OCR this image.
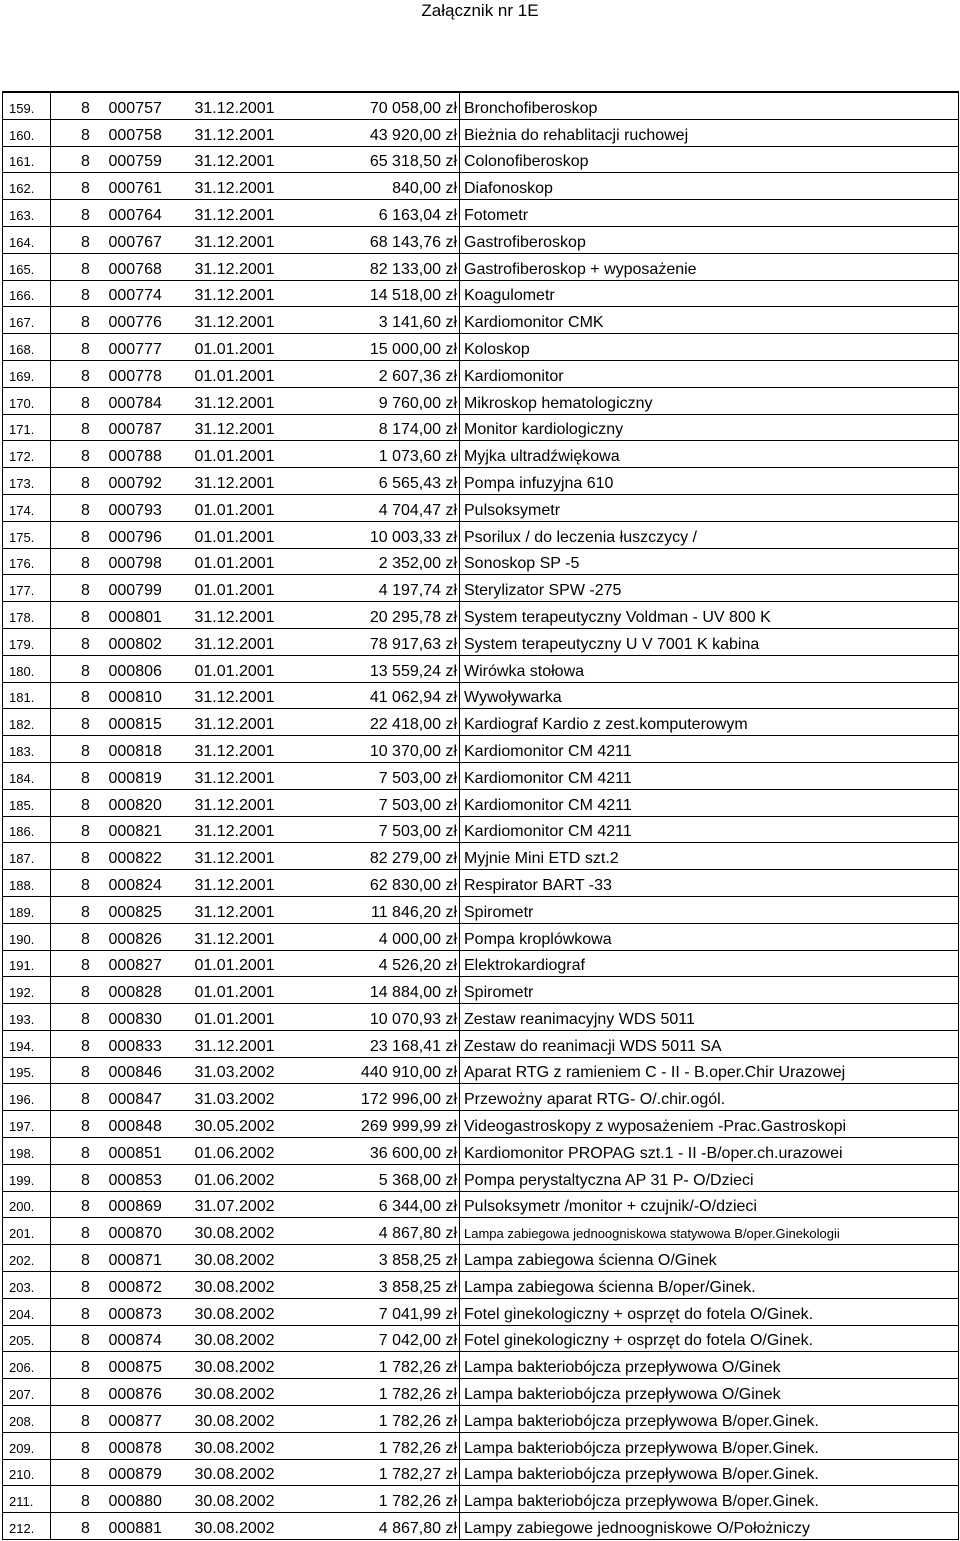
Załącznik nr 1E
159.	8	000757	31.12.2001	70 058,00 zł	Bronchofiberoskop
160.	8	000758	31.12.2001	43 920,00 zł	Bieżnia do rehablitacji ruchowej
161.	8	000759	31.12.2001	65 318,50 zł	Colonofiberoskop
162.	8	000761	31.12.2001	840,00 zł	Diafonoskop
163.	8	000764	31.12.2001	6 163,04 zł	Fotometr
164.	8	000767	31.12.2001	68 143,76 zł	Gastrofiberoskop
165.	8	000768	31.12.2001	82 133,00 zł	Gastrofiberoskop + wyposażenie
166.	8	000774	31.12.2001	14 518,00 zł	Koagulometr
167.	8	000776	31.12.2001	3 141,60 zł	Kardiomonitor CMK
168.	8	000777	01.01.2001	15 000,00 zł	Koloskop
169.	8	000778	01.01.2001	2 607,36 zł	Kardiomonitor
170.	8	000784	31.12.2001	9 760,00 zł	Mikroskop hematologiczny
171.	8	000787	31.12.2001	8 174,00 zł	Monitor kardiologiczny
172.	8	000788	01.01.2001	1 073,60 zł	Myjka ultradźwiękowa
173.	8	000792	31.12.2001	6 565,43 zł	Pompa infuzyjna 610
174.	8	000793	01.01.2001	4 704,47 zł	Pulsoksymetr
175.	8	000796	01.01.2001	10 003,33 zł	Psorilux / do leczenia łuszczycy /
176.	8	000798	01.01.2001	2 352,00 zł	Sonoskop SP -5
177.	8	000799	01.01.2001	4 197,74 zł	Sterylizator SPW -275
178.	8	000801	31.12.2001	20 295,78 zł	System terapeutyczny Voldman - UV 800 K
179.	8	000802	31.12.2001	78 917,63 zł	System terapeutyczny U V 7001 K kabina
180.	8	000806	01.01.2001	13 559,24 zł	Wirówka stołowa
181.	8	000810	31.12.2001	41 062,94 zł	Wywoływarka
182.	8	000815	31.12.2001	22 418,00 zł	Kardiograf Kardio z zest.komputerowym
183.	8	000818	31.12.2001	10 370,00 zł	Kardiomonitor CM 4211
184.	8	000819	31.12.2001	7 503,00 zł	Kardiomonitor CM 4211
185.	8	000820	31.12.2001	7 503,00 zł	Kardiomonitor CM 4211
186.	8	000821	31.12.2001	7 503,00 zł	Kardiomonitor CM 4211
187.	8	000822	31.12.2001	82 279,00 zł	Myjnie Mini ETD szt.2
188.	8	000824	31.12.2001	62 830,00 zł	Respirator BART -33
189.	8	000825	31.12.2001	11 846,20 zł	Spirometr
190.	8	000826	31.12.2001	4 000,00 zł	Pompa kroplówkowa
191.	8	000827	01.01.2001	4 526,20 zł	Elektrokardiograf
192.	8	000828	01.01.2001	14 884,00 zł	Spirometr
193.	8	000830	01.01.2001	10 070,93 zł	Zestaw reanimacyjny WDS 5011
194.	8	000833	31.12.2001	23 168,41 zł	Zestaw do reanimacji WDS 5011 SA
195.	8	000846	31.03.2002	440 910,00 zł	Aparat RTG z ramieniem C - II - B.oper.Chir Urazowej
196.	8	000847	31.03.2002	172 996,00 zł	Przewożny aparat RTG- O/.chir.ogól.
197.	8	000848	30.05.2002	269 999,99 zł	Videogastroskopy z wyposażeniem -Prac.Gastroskopi
198.	8	000851	01.06.2002	36 600,00 zł	Kardiomonitor PROPAG szt.1 - II -B/oper.ch.urazowei
199.	8	000853	01.06.2002	5 368,00 zł	Pompa perystaltyczna AP 31 P- O/Dzieci
200.	8	000869	31.07.2002	6 344,00 zł	Pulsoksymetr /monitor + czujnik/-O/dzieci
201.	8	000870	30.08.2002	4 867,80 zł	Lampa zabiegowa jednoogniskowa statywowa B/oper.Ginekologii
202.	8	000871	30.08.2002	3 858,25 zł	Lampa zabiegowa ścienna O/Ginek
203.	8	000872	30.08.2002	3 858,25 zł	Lampa zabiegowa ścienna B/oper/Ginek.
204.	8	000873	30.08.2002	7 041,99 zł	Fotel ginekologiczny + osprzęt do fotela O/Ginek.
205.	8	000874	30.08.2002	7 042,00 zł	Fotel ginekologiczny + osprzęt do fotela O/Ginek.
206.	8	000875	30.08.2002	1 782,26 zł	Lampa bakteriobójcza przepływowa O/Ginek
207.	8	000876	30.08.2002	1 782,26 zł	Lampa bakteriobójcza przepływowa O/Ginek
208.	8	000877	30.08.2002	1 782,26 zł	Lampa bakteriobójcza przepływowa B/oper.Ginek.
209.	8	000878	30.08.2002	1 782,26 zł	Lampa bakteriobójcza przepływowa B/oper.Ginek.
210.	8	000879	30.08.2002	1 782,27 zł	Lampa bakteriobójcza przepływowa B/oper.Ginek.
211.	8	000880	30.08.2002	1 782,26 zł	Lampa bakteriobójcza przepływowa B/oper.Ginek.
212.	8	000881	30.08.2002	4 867,80 zł	Lampy zabiegowe jednoogniskowe O/Położniczy
